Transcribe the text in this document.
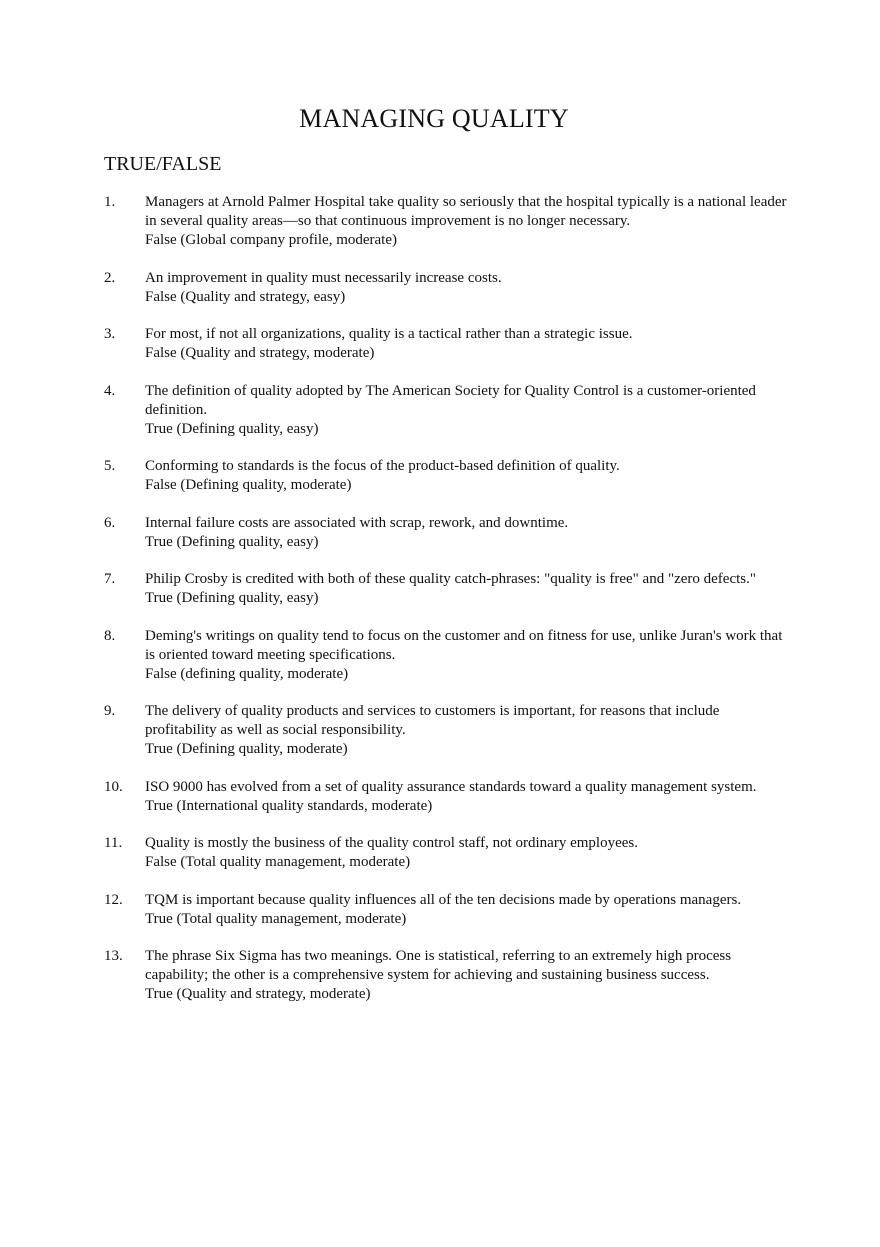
MANAGING QUALITY
TRUE/FALSE
1. Managers at Arnold Palmer Hospital take quality so seriously that the hospital typically is a national leader in several quality areas—so that continuous improvement is no longer necessary.
False (Global company profile, moderate)
2. An improvement in quality must necessarily increase costs.
False (Quality and strategy, easy)
3. For most, if not all organizations, quality is a tactical rather than a strategic issue.
False (Quality and strategy, moderate)
4. The definition of quality adopted by The American Society for Quality Control is a customer-oriented definition.
True (Defining quality, easy)
5. Conforming to standards is the focus of the product-based definition of quality.
False (Defining quality, moderate)
6. Internal failure costs are associated with scrap, rework, and downtime.
True (Defining quality, easy)
7. Philip Crosby is credited with both of these quality catch-phrases: "quality is free" and "zero defects."
True (Defining quality, easy)
8. Deming's writings on quality tend to focus on the customer and on fitness for use, unlike Juran's work that is oriented toward meeting specifications.
False (defining quality, moderate)
9. The delivery of quality products and services to customers is important, for reasons that include profitability as well as social responsibility.
True (Defining quality, moderate)
10. ISO 9000 has evolved from a set of quality assurance standards toward a quality management system.
True (International quality standards, moderate)
11. Quality is mostly the business of the quality control staff, not ordinary employees.
False (Total quality management, moderate)
12. TQM is important because quality influences all of the ten decisions made by operations managers.
True (Total quality management, moderate)
13. The phrase Six Sigma has two meanings. One is statistical, referring to an extremely high process capability; the other is a comprehensive system for achieving and sustaining business success.
True (Quality and strategy, moderate)
